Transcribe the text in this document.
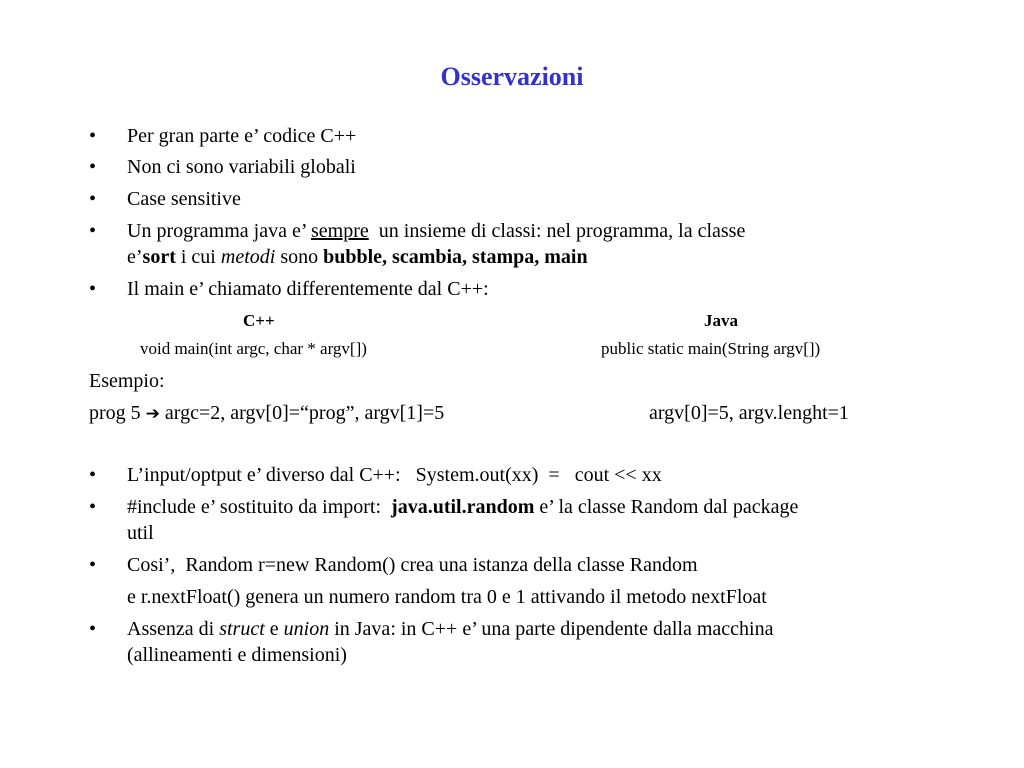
Osservazioni
• Per gran parte e’ codice C++
• Non ci sono variabili globali
• Case sensitive
• Un programma java e’ sempre  un insieme di classi: nel programma, la classe
e’sort i cui metodi sono bubble, scambia, stampa, main
• Il main e’ chiamato differentemente dal C++:
C++	Java
void main(int argc, char * argv[])	public static main(String argv[])
Esempio:
prog 5 ➔ argc=2, argv[0]=“prog”, argv[1]=5	argv[0]=5, argv.lenght=1
• L’input/optput e’ diverso dal C++:   System.out(xx)  =   cout << xx
• #include e’ sostituito da import:  java.util.random e’ la classe Random dal package
util
• Cosi’,  Random r=new Random() crea una istanza della classe Random
e r.nextFloat() genera un numero random tra 0 e 1 attivando il metodo nextFloat
• Assenza di struct e union in Java: in C++ e’ una parte dipendente dalla macchina
(allineamenti e dimensioni)
